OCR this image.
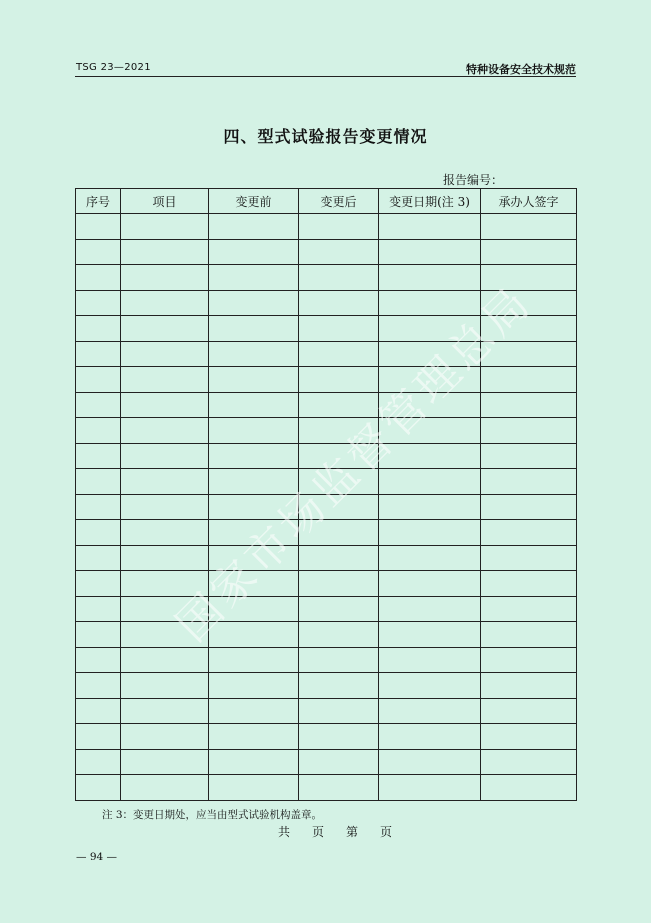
TSG 23—2021	特种设备安全技术规范
四、型式试验报告变更情况
报告编号：
序号	项目	变更前	变更后	变更日期(注 3)	承办人签字

国家市场监督管理总局
注 3：变更日期处，应当由型式试验机构盖章。
共 页 第 页
— 94 —
